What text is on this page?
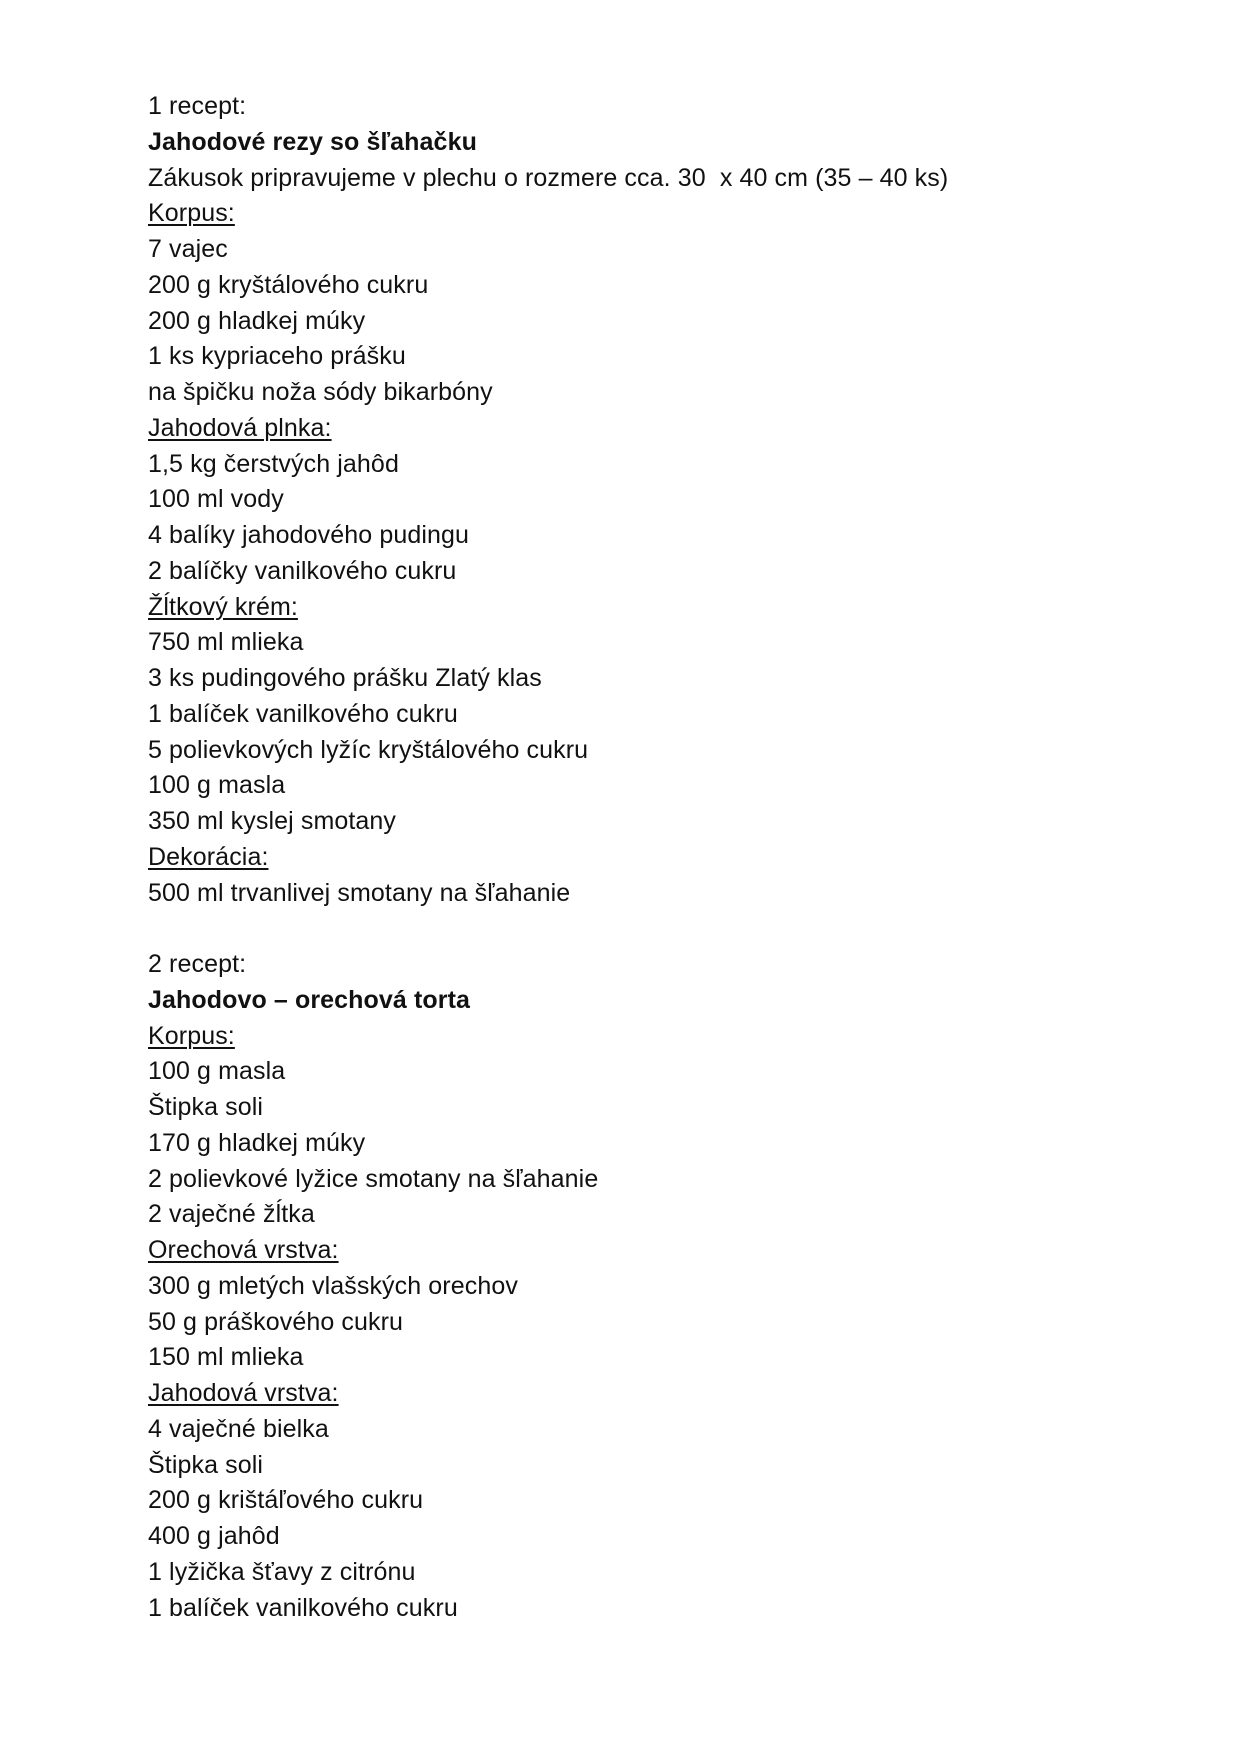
1 recept:
Jahodové rezy so šľahačku
Zákusok pripravujeme v plechu o rozmere cca. 30  x 40 cm (35 – 40 ks)
Korpus:
7 vajec
200 g kryštálového cukru
200 g hladkej múky
1 ks kypriaceho prášku
na špičku noža sódy bikarbóny
Jahodová plnka:
1,5 kg čerstvých jahôd
100 ml vody
4 balíky jahodového pudingu
2 balíčky vanilkového cukru
Žĺtkový krém:
750 ml mlieka
3 ks pudingového prášku Zlatý klas
1 balíček vanilkového cukru
5 polievkových lyžíc kryštálového cukru
100 g masla
350 ml kyslej smotany
Dekorácia:
500 ml trvanlivej smotany na šľahanie
2 recept:
Jahodovo – orechová torta
Korpus:
100 g masla
Štipka soli
170 g hladkej múky
2 polievkové lyžice smotany na šľahanie
2 vaječné žĺtka
Orechová vrstva:
300 g mletých vlašských orechov
50 g práškového cukru
150 ml mlieka
Jahodová vrstva:
4 vaječné bielka
Štipka soli
200 g krištáľového cukru
400 g jahôd
1 lyžička šťavy z citrónu
1 balíček vanilkového cukru
